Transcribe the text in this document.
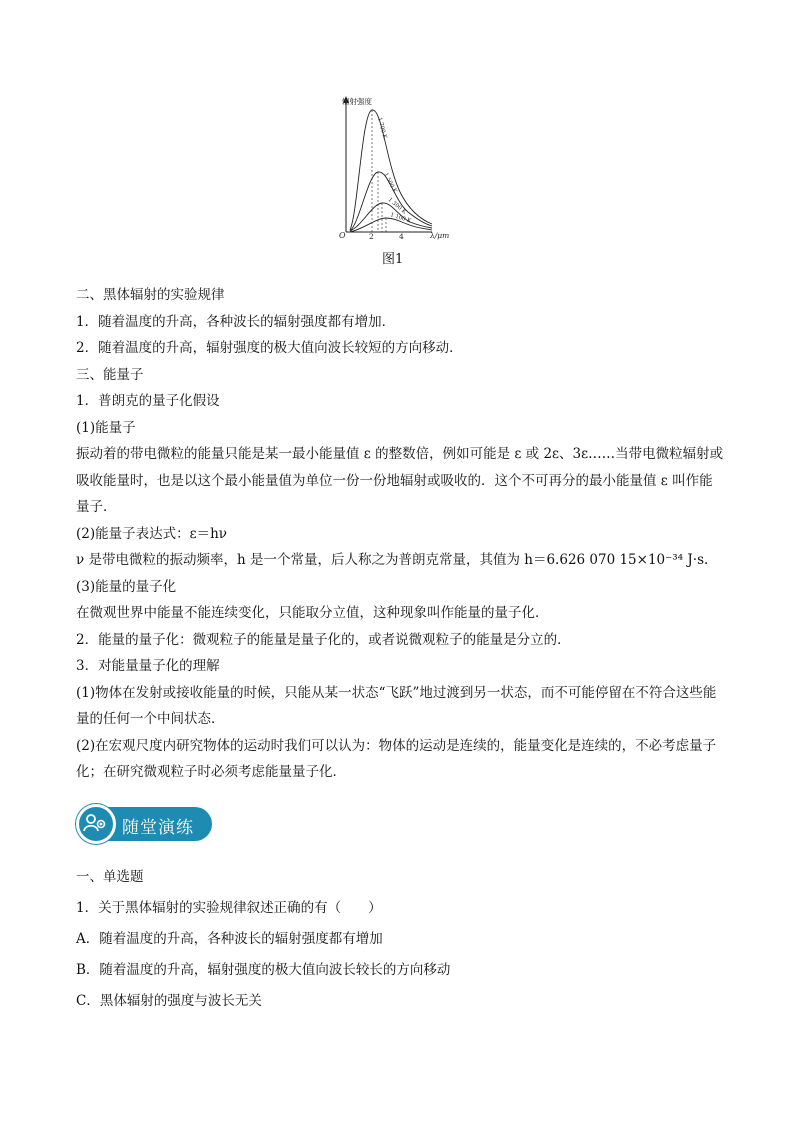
辐射强度
λ/μm
O	2	4
1 700 K
1 500 K
1 300 K
1 100 K
图1

二、黑体辐射的实验规律

1．随着温度的升高，各种波长的辐射强度都有增加．

2．随着温度的升高，辐射强度的极大值向波长较短的方向移动．

三、能量子

1．普朗克的量子化假设

(1)能量子

振动着的带电微粒的能量只能是某一最小能量值 ε 的整数倍，例如可能是 ε 或 2ε、3ε……当带电微粒辐射或吸收能量时，也是以这个最小能量值为单位一份一份地辐射或吸收的．这个不可再分的最小能量值 ε 叫作能量子．

(2)能量子表达式：ε＝hν

ν 是带电微粒的振动频率，h 是一个常量，后人称之为普朗克常量，其值为 h＝6.626 070 15×10⁻³⁴ J·s.

(3)能量的量子化

在微观世界中能量不能连续变化，只能取分立值，这种现象叫作能量的量子化．

2．能量的量子化：微观粒子的能量是量子化的，或者说微观粒子的能量是分立的．

3．对能量量子化的理解

(1)物体在发射或接收能量的时候，只能从某一状态“飞跃”地过渡到另一状态，而不可能停留在不符合这些能量的任何一个中间状态．

(2)在宏观尺度内研究物体的运动时我们可以认为：物体的运动是连续的，能量变化是连续的，不必考虑量子化；在研究微观粒子时必须考虑能量量子化．

随堂演练

一、单选题

1．关于黑体辐射的实验规律叙述正确的有（　　）

A．随着温度的升高，各种波长的辐射强度都有增加

B．随着温度的升高，辐射强度的极大值向波长较长的方向移动

C．黑体辐射的强度与波长无关
